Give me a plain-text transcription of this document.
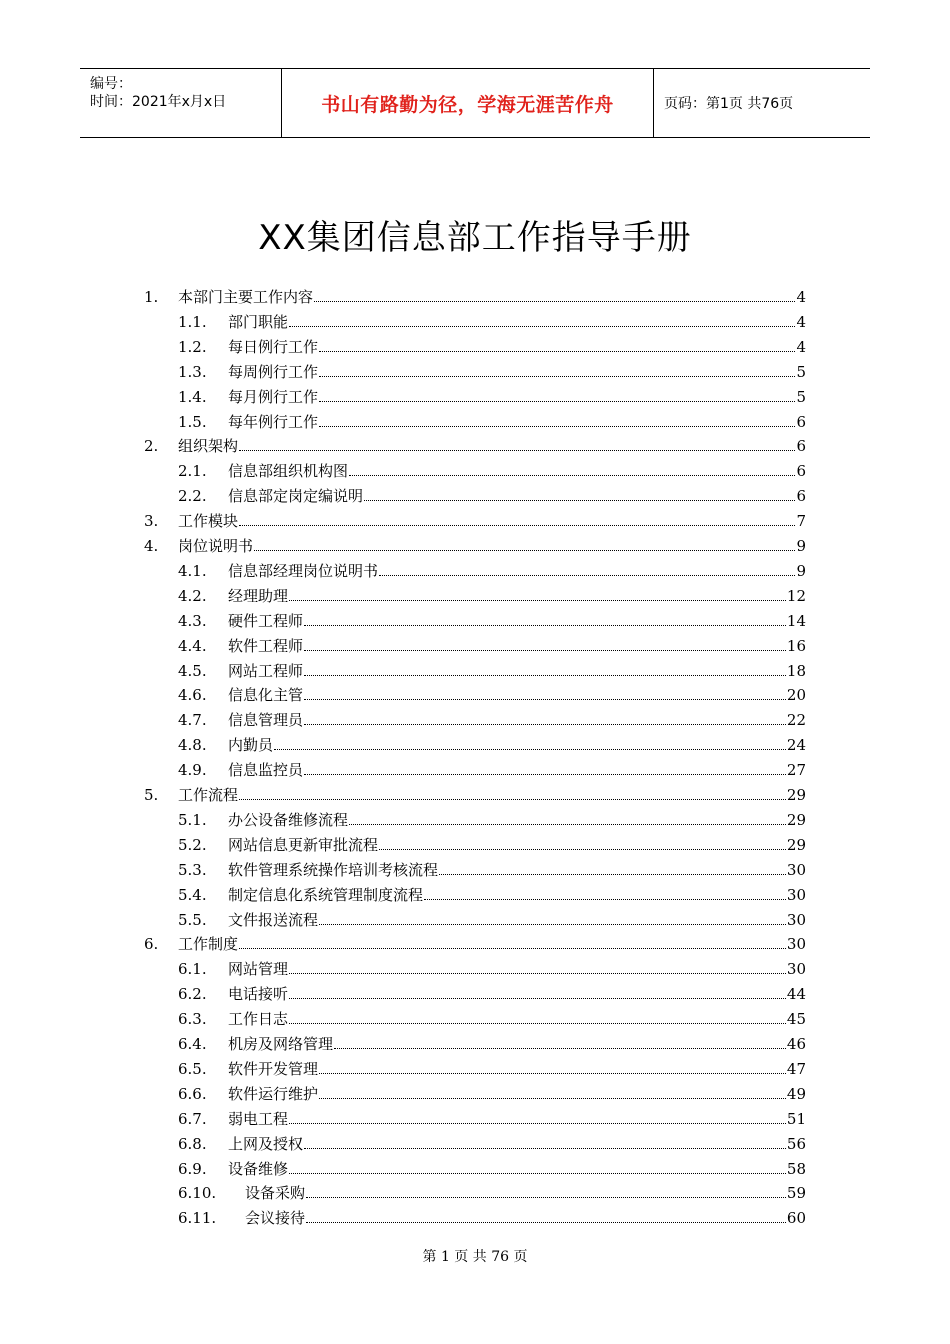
编号：
时间：2021年x月x日	书山有路勤为径，学海无涯苦作舟	页码：第1页 共76页
XX集团信息部工作指导手册
1.	本部门主要工作内容	4
1.1.	部门职能	4
1.2.	每日例行工作	4
1.3.	每周例行工作	5
1.4.	每月例行工作	5
1.5.	每年例行工作	6
2.	组织架构	6
2.1.	信息部组织机构图	6
2.2.	信息部定岗定编说明	6
3.	工作模块	7
4.	岗位说明书	9
4.1.	信息部经理岗位说明书	9
4.2.	经理助理	12
4.3.	硬件工程师	14
4.4.	软件工程师	16
4.5.	网站工程师	18
4.6.	信息化主管	20
4.7.	信息管理员	22
4.8.	内勤员	24
4.9.	信息监控员	27
5.	工作流程	29
5.1.	办公设备维修流程	29
5.2.	网站信息更新审批流程	29
5.3.	软件管理系统操作培训考核流程	30
5.4.	制定信息化系统管理制度流程	30
5.5.	文件报送流程	30
6.	工作制度	30
6.1.	网站管理	30
6.2.	电话接听	44
6.3.	工作日志	45
6.4.	机房及网络管理	46
6.5.	软件开发管理	47
6.6.	软件运行维护	49
6.7.	弱电工程	51
6.8.	上网及授权	56
6.9.	设备维修	58
6.10.	设备采购	59
6.11.	会议接待	60
第 1 页 共 76 页
